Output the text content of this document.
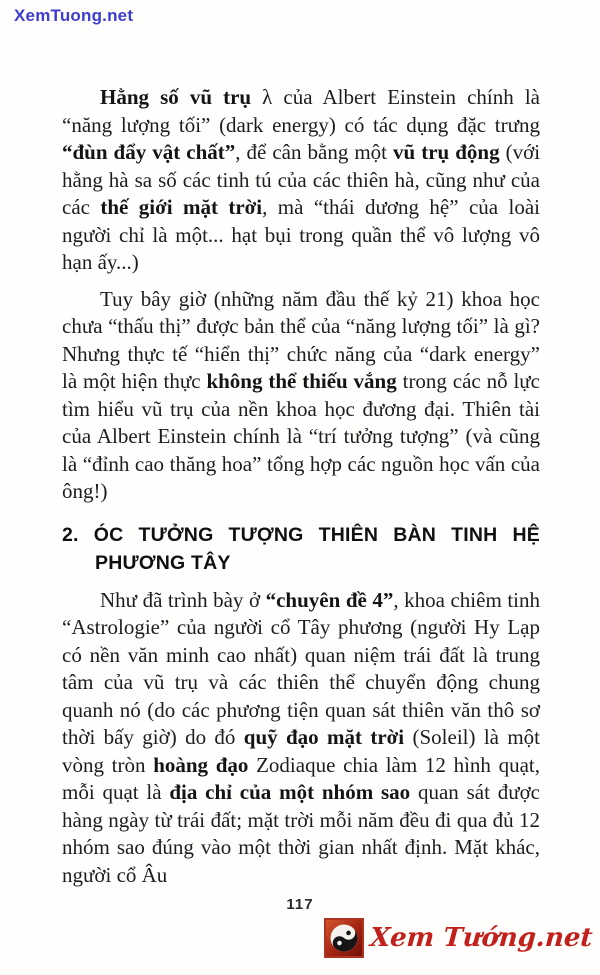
XemTuong.net

Hằng số vũ trụ λ của Albert Einstein chính là “năng lượng tối” (dark energy) có tác dụng đặc trưng “đùn đẩy vật chất”, để cân bằng một vũ trụ động (với hằng hà sa số các tinh tú của các thiên hà, cũng như của các thế giới mặt trời, mà “thái dương hệ” của loài người chỉ là một... hạt bụi trong quần thể vô lượng vô hạn ấy...)

Tuy bây giờ (những năm đầu thế kỷ 21) khoa học chưa “thấu thị” được bản thể của “năng lượng tối” là gì? Nhưng thực tế “hiển thị” chức năng của “dark energy” là một hiện thực không thể thiếu vắng trong các nỗ lực tìm hiểu vũ trụ của nền khoa học đương đại. Thiên tài của Albert Einstein chính là “trí tưởng tượng” (và cũng là “đỉnh cao thăng hoa” tổng hợp các nguồn học vấn của ông!)

2. ÓC TƯỞNG TƯỢNG THIÊN BÀN TINH HỆ PHƯƠNG TÂY

Như đã trình bày ở “chuyên đề 4”, khoa chiêm tinh “Astrologie” của người cổ Tây phương (người Hy Lạp có nền văn minh cao nhất) quan niệm trái đất là trung tâm của vũ trụ và các thiên thể chuyển động chung quanh nó (do các phương tiện quan sát thiên văn thô sơ thời bấy giờ) do đó quỹ đạo mặt trời (Soleil) là một vòng tròn hoàng đạo Zodiaque chia làm 12 hình quạt, mỗi quạt là địa chỉ của một nhóm sao quan sát được hàng ngày từ trái đất; mặt trời mỗi năm đều đi qua đủ 12 nhóm sao đúng vào một thời gian nhất định. Mặt khác, người cổ Âu

117
Xem Tướng.net
